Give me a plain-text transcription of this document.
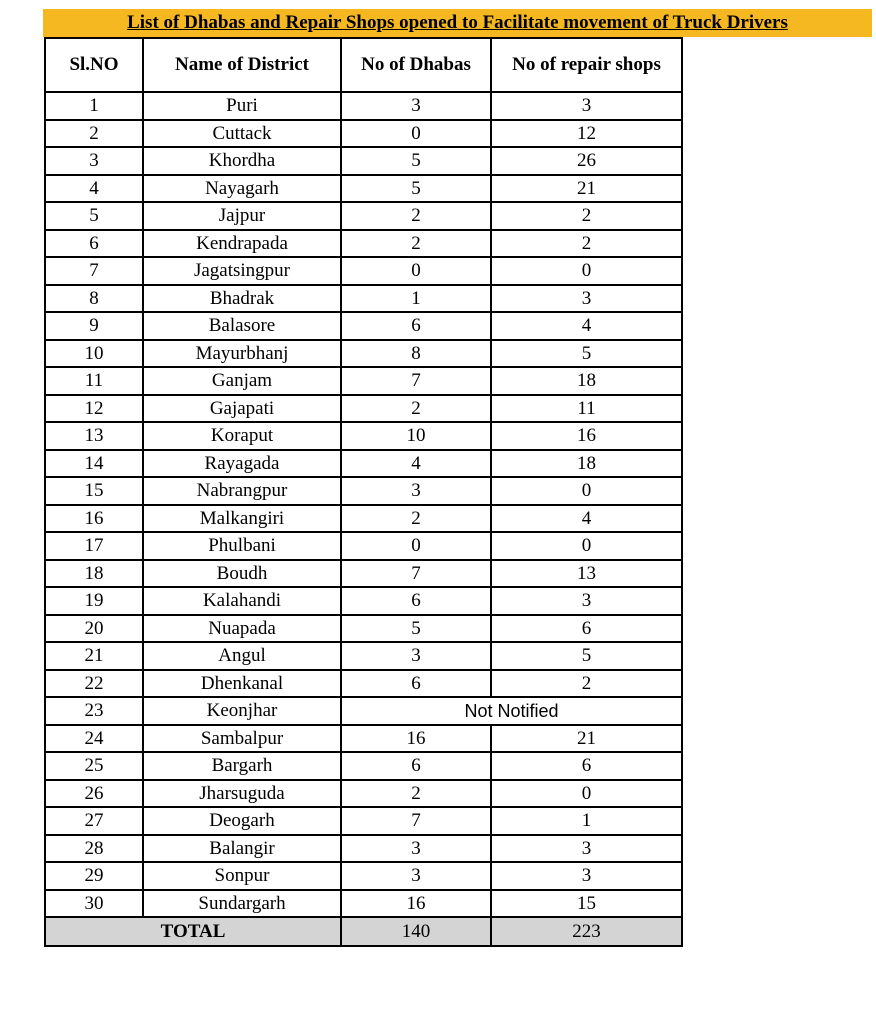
List of Dhabas and Repair Shops opened to Facilitate movement of Truck Drivers
Sl.NO	Name of District	No of Dhabas	No of repair shops
1	Puri	3	3
2	Cuttack	0	12
3	Khordha	5	26
4	Nayagarh	5	21
5	Jajpur	2	2
6	Kendrapada	2	2
7	Jagatsingpur	0	0
8	Bhadrak	1	3
9	Balasore	6	4
10	Mayurbhanj	8	5
11	Ganjam	7	18
12	Gajapati	2	11
13	Koraput	10	16
14	Rayagada	4	18
15	Nabrangpur	3	0
16	Malkangiri	2	4
17	Phulbani	0	0
18	Boudh	7	13
19	Kalahandi	6	3
20	Nuapada	5	6
21	Angul	3	5
22	Dhenkanal	6	2
23	Keonjhar	Not Notified	
24	Sambalpur	16	21
25	Bargarh	6	6
26	Jharsuguda	2	0
27	Deogarh	7	1
28	Balangir	3	3
29	Sonpur	3	3
30	Sundargarh	16	15
TOTAL		140	223
